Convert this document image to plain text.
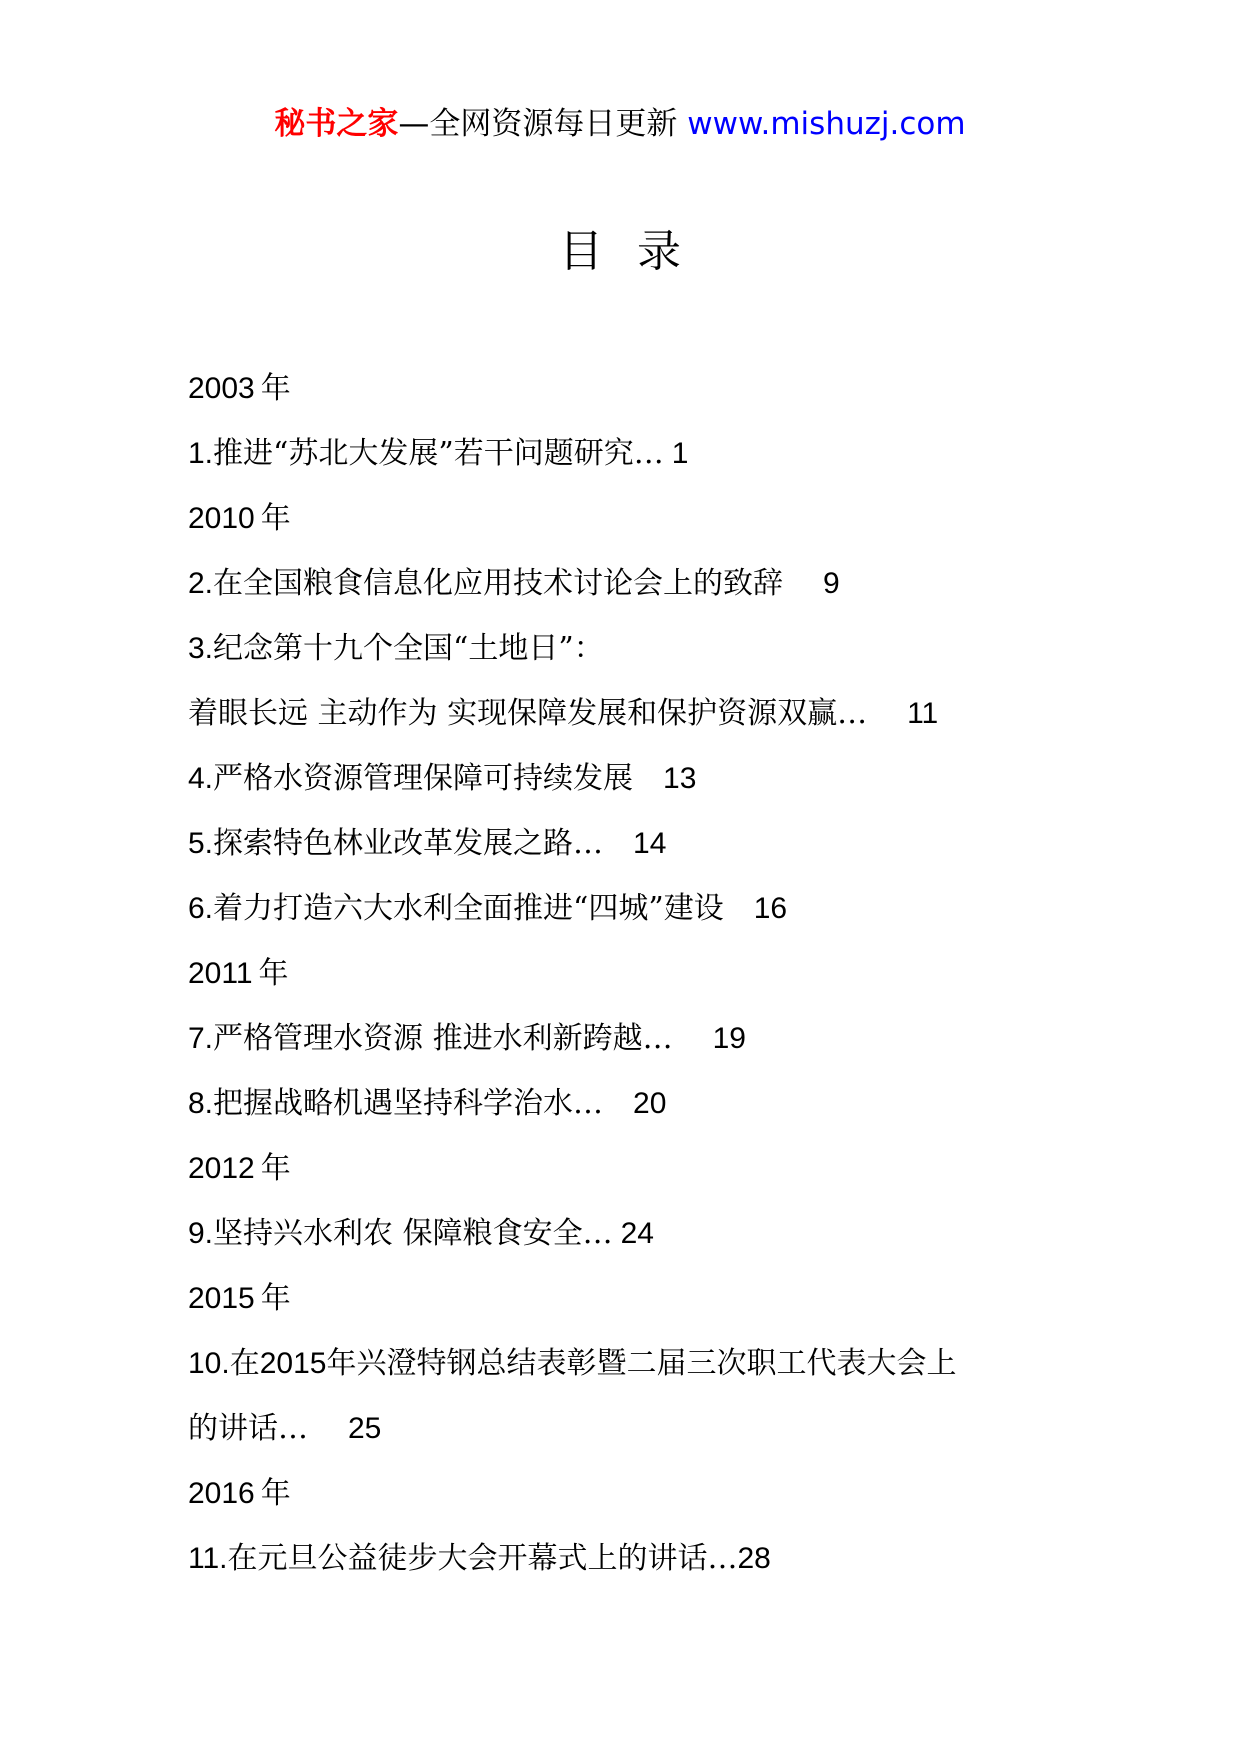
秘书之家—全网资源每日更新 www.mishuzj.com
目录
2003 年
1. 推进“苏北大发展”若干问题研究… 1
2010 年
2. 在全国粮食信息化应用技术讨论会上的致辞 9
3. 纪念第十九个全国“土地日”：
着眼长远 主动作为 实现保障发展和保护资源双赢… 11
4. 严格水资源管理保障可持续发展 13
5. 探索特色林业改革发展之路… 14
6. 着力打造六大水利全面推进“四城”建设 16
2011 年
7. 严格管理水资源 推进水利新跨越… 19
8. 把握战略机遇坚持科学治水… 20
2012 年
9. 坚持兴水利农 保障粮食安全… 24
2015 年
10. 在 2015 年兴澄特钢总结表彰暨二届三次职工代表大会上
的讲话… 25
2016 年
11. 在元旦公益徒步大会开幕式上的讲话… 28
